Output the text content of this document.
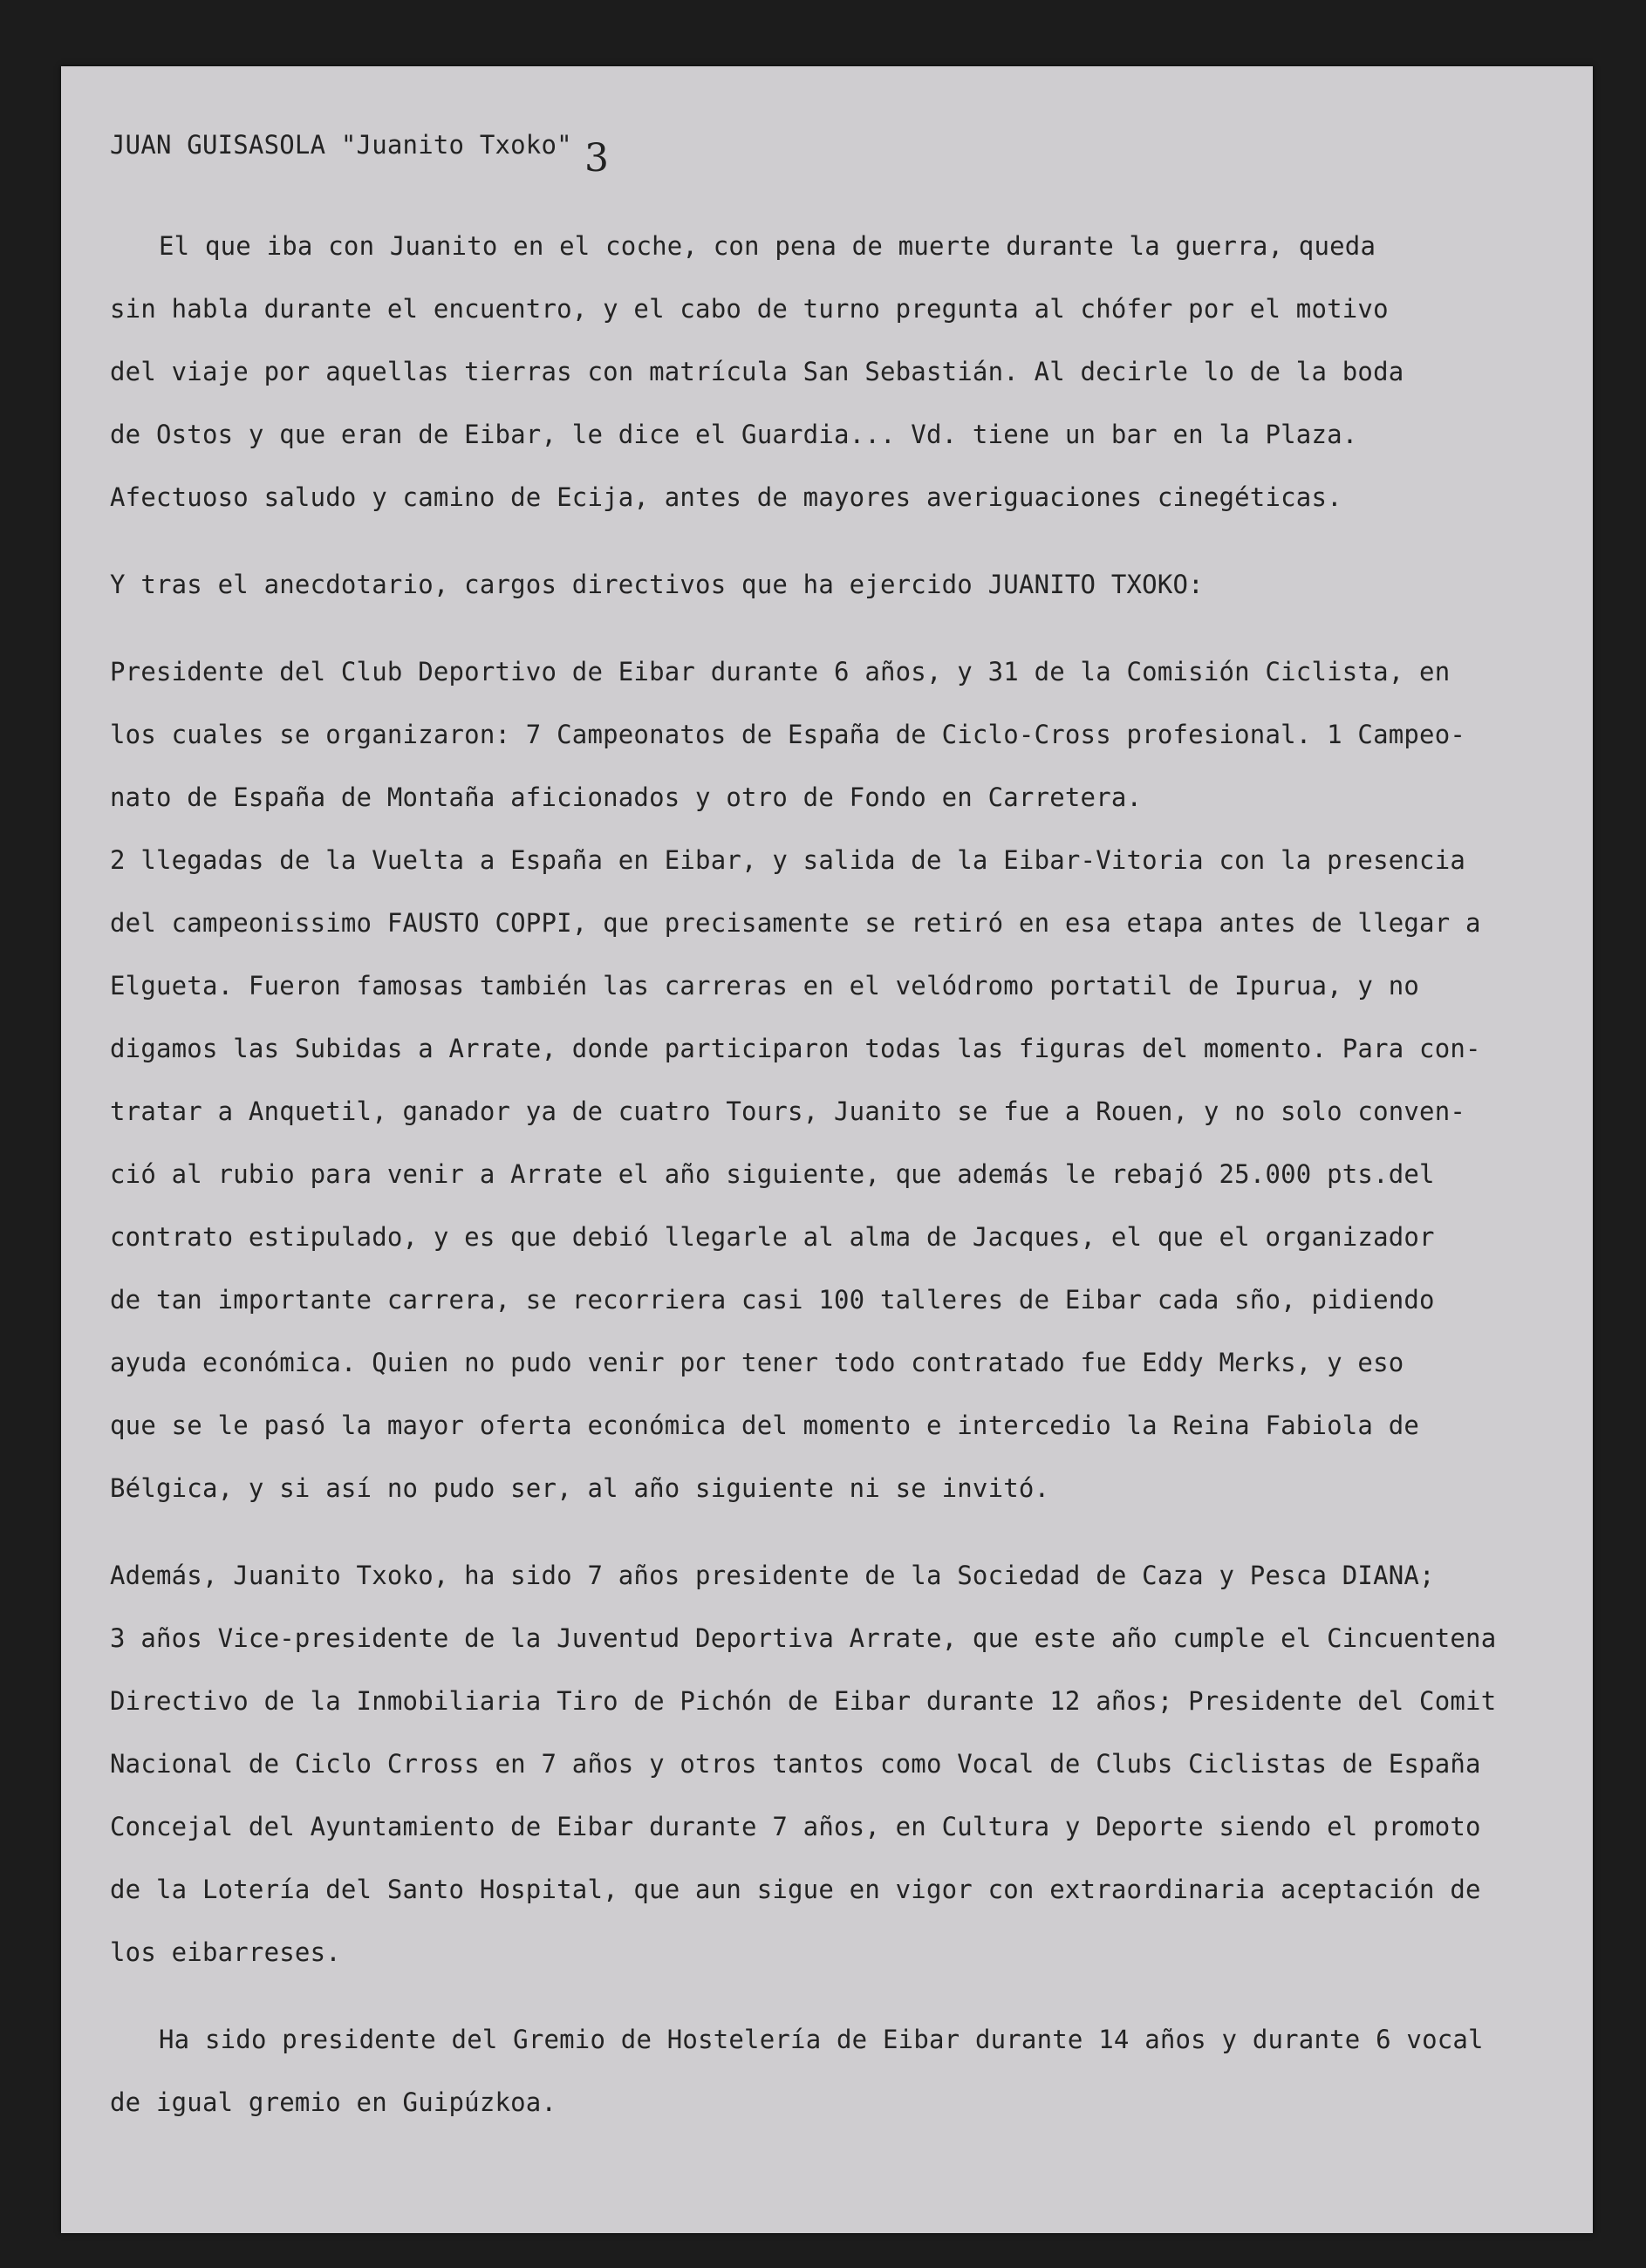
3
JUAN GUISASOLA "Juanito Txoko"
El que iba con Juanito en el coche, con pena de muerte durante la guerra, queda
sin habla durante el encuentro, y el cabo de turno pregunta al chófer por el motivo
del viaje por aquellas tierras con matrícula San Sebastián. Al decirle lo de la boda
de Ostos y que eran de Eibar, le dice el Guardia... Vd. tiene un bar en la Plaza.
Afectuoso saludo y camino de Ecija, antes de mayores averiguaciones cinegéticas.
Y tras el anecdotario, cargos directivos que ha ejercido JUANITO TXOKO:
Presidente del Club Deportivo de Eibar durante 6 años, y 31 de la Comisión Ciclista, en
los cuales se organizaron: 7 Campeonatos de España de Ciclo-Cross profesional. 1 Campeo-
nato de España de Montaña aficionados y otro de Fondo en Carretera.
2 llegadas de la Vuelta a España en Eibar, y salida de la Eibar-Vitoria con la presencia
del campeonissimo FAUSTO COPPI, que precisamente se retiró en esa etapa antes de llegar a
Elgueta. Fueron famosas también las carreras en el velódromo portatil de Ipurua, y no
digamos las Subidas a Arrate, donde participaron todas las figuras del momento. Para con-
tratar a Anquetil, ganador ya de cuatro Tours, Juanito se fue a Rouen, y no solo conven-
ció al rubio para venir a Arrate el año siguiente, que además le rebajó 25.000 pts.del
contrato estipulado, y es que debió llegarle al alma de Jacques, el que el organizador
de tan importante carrera, se recorriera casi 100 talleres de Eibar cada sño, pidiendo
ayuda económica. Quien no pudo venir por tener todo contratado fue Eddy Merks, y eso
que se le pasó la mayor oferta económica del momento e intercedio la Reina Fabiola de
Bélgica, y si así no pudo ser, al año siguiente ni se invitó.
Además, Juanito Txoko, ha sido 7 años presidente de la Sociedad de Caza y Pesca DIANA;
3 años Vice-presidente de la Juventud Deportiva Arrate, que este año cumple el Cincuentena
Directivo de la Inmobiliaria Tiro de Pichón de Eibar durante 12 años; Presidente del Comit
Nacional de Ciclo Crross en 7 años y otros tantos como Vocal de Clubs Ciclistas de España
Concejal del Ayuntamiento de Eibar durante 7 años, en Cultura y Deporte siendo el promoto
de la Lotería del Santo Hospital, que aun sigue en vigor con extraordinaria aceptación de
los eibarreses.
Ha sido presidente del Gremio de Hostelería de Eibar durante 14 años y durante 6 vocal
de igual gremio en Guipúzkoa.
